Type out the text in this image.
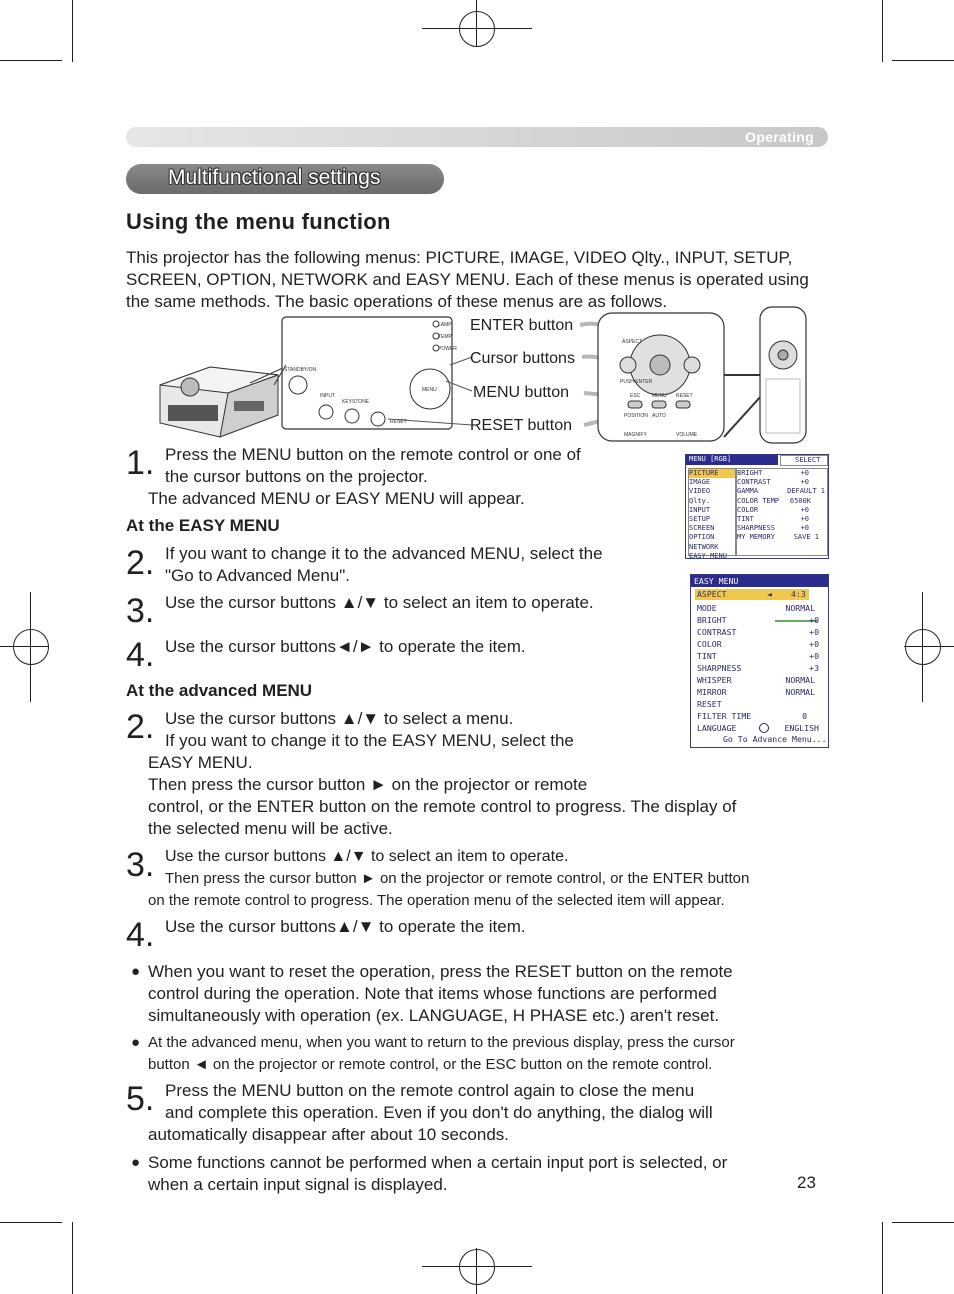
Operating
Multifunctional settings
Using the menu function
This projector has the following menus: PICTURE, IMAGE, VIDEO Qlty., INPUT, SETUP,
SCREEN, OPTION, NETWORK and EASY MENU. Each of these menus is operated using
the same methods. The basic operations of these menus are as follows.
LAMP
TEMP
POWER
STANDBY/ON
INPUT
KEYSTONE
MENU
RESET
ASPECT
PUSH ENTER
ESC MENU RESET
POSITION AUTO
MAGNIFY	VOLUME
ENTER button
Cursor buttons
MENU button
RESET button
1. Press the MENU button on the remote control or one of
the cursor buttons on the projector.
The advanced MENU or EASY MENU will appear.
MENU [RGB]	SELECT
PICTURE
IMAGE
VIDEO Qlty.
INPUT
SETUP
SCREEN
OPTION
NETWORK
EASY MENU
BRIGHT	+0
CONTRAST	+0
GAMMA	DEFAULT 1
COLOR TEMP 6500K
COLOR	+0
TINT	+0
SHARPNESS	+0
MY MEMORY	SAVE 1
At the EASY MENU
2. If you want to change it to the advanced MENU, select the
"Go to Advanced Menu".
3. Use the cursor buttons ▲/▼ to select an item to operate.
4. Use the cursor buttons◄/► to operate the item.
EASY MENU
ASPECT	◄ 4:3
MODE	NORMAL
BRIGHT	+0
CONTRAST	+0
COLOR	+0
TINT	+0
SHARPNESS	+3
WHISPER	NORMAL
MIRROR	NORMAL
RESET
FILTER TIME	0
LANGUAGE	ENGLISH
Go To Advance Menu...
At the advanced MENU
2. Use the cursor buttons ▲/▼ to select a menu.
If you want to change it to the EASY MENU, select the
EASY MENU.
Then press the cursor button ► on the projector or remote
control, or the ENTER button on the remote control to progress. The display of
the selected menu will be active.
3. Use the cursor buttons ▲/▼ to select an item to operate.
Then press the cursor button ► on the projector or remote control, or the ENTER button
on the remote control to progress. The operation menu of the selected item will appear.
4. Use the cursor buttons▲/▼ to operate the item.
● When you want to reset the operation, press the RESET button on the remote
control during the operation. Note that items whose functions are performed
simultaneously with operation (ex. LANGUAGE, H PHASE etc.) aren't reset.
● At the advanced menu, when you want to return to the previous display, press the cursor
button ◄ on the projector or remote control, or the ESC button on the remote control.
5. Press the MENU button on the remote control again to close the menu
and complete this operation. Even if you don't do anything, the dialog will
automatically disappear after about 10 seconds.
● Some functions cannot be performed when a certain input port is selected, or
when a certain input signal is displayed.	23
